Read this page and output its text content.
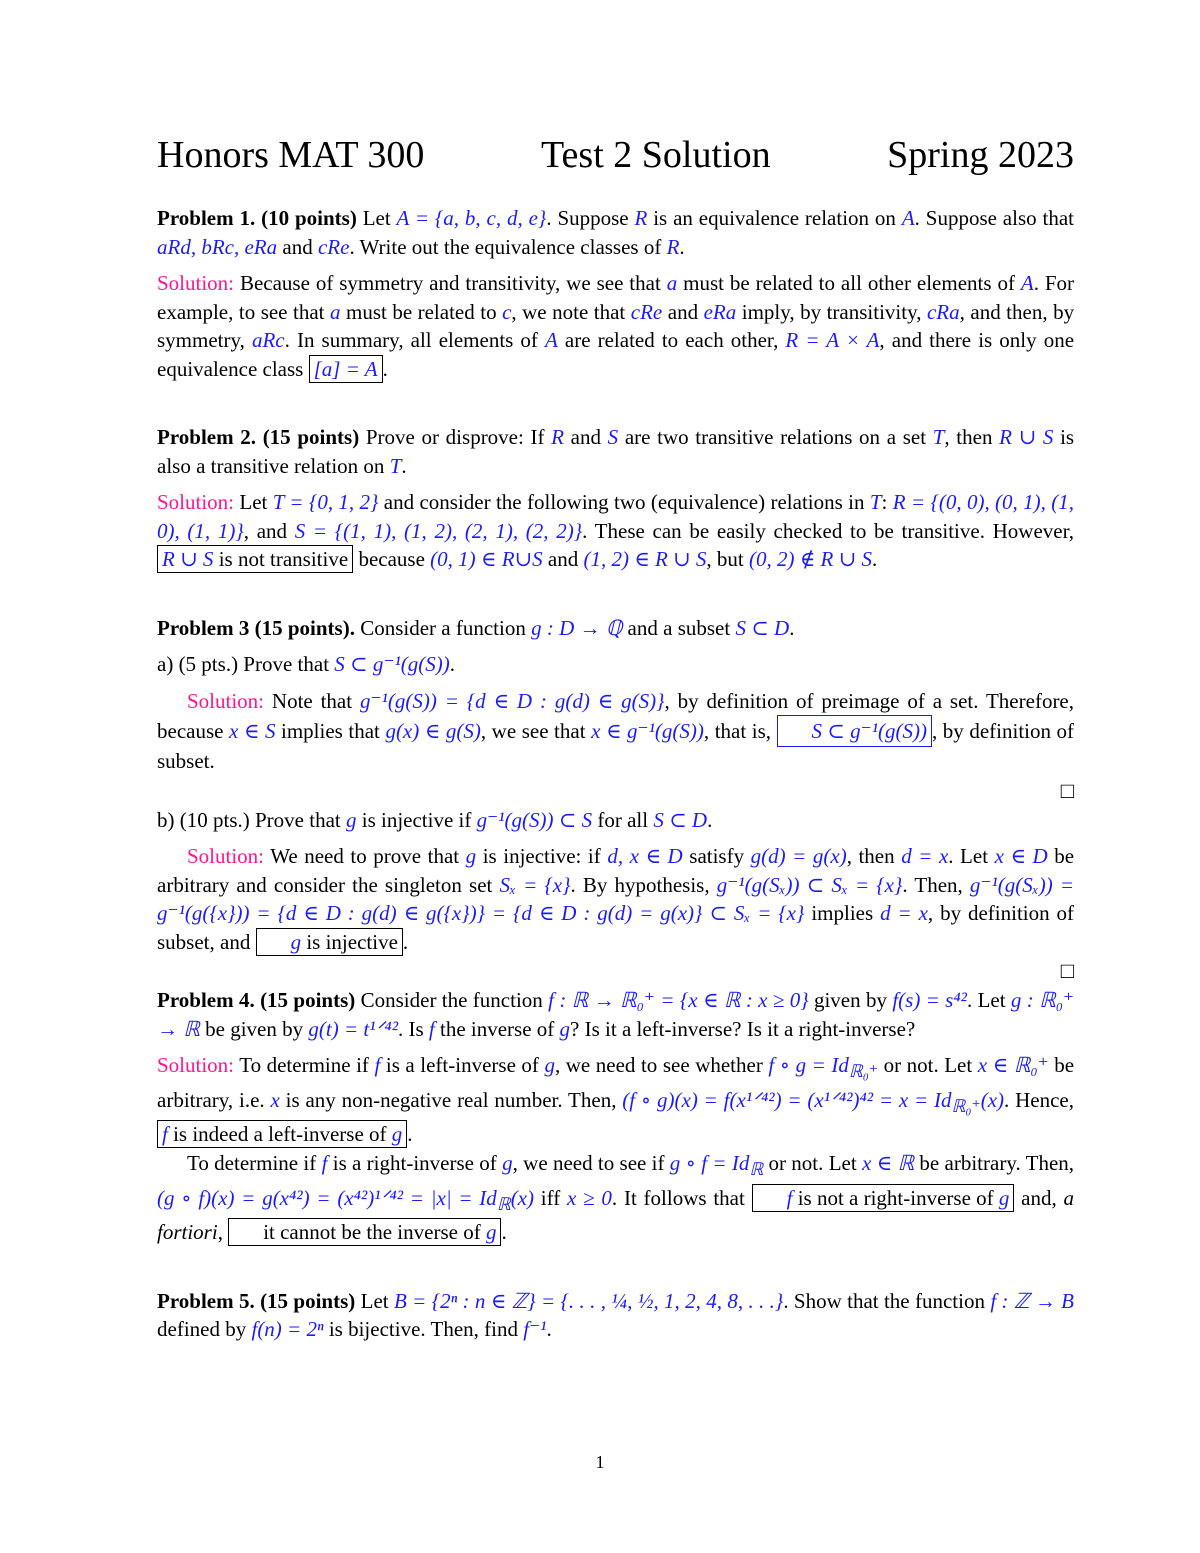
Honors MAT 300	Test 2 Solution	Spring 2023

Problem 1. (10 points) Let A = {a, b, c, d, e}. Suppose R is an equivalence relation on A. Suppose also that aRd, bRc, eRa and cRe. Write out the equivalence classes of R.

Solution: Because of symmetry and transitivity, we see that a must be related to all other elements of A. For example, to see that a must be related to c, we note that cRe and eRa imply, by transitivity, cRa, and then, by symmetry, aRc. In summary, all elements of A are related to each other, R = A × A, and there is only one equivalence class [a] = A .

Problem 2. (15 points) Prove or disprove: If R and S are two transitive relations on a set T, then R ∪ S is also a transitive relation on T.

Solution: Let T = {0, 1, 2} and consider the following two (equivalence) relations in T: R = {(0, 0), (0, 1), (1, 0), (1, 1)}, and S = {(1, 1), (1, 2), (2, 1), (2, 2)}. These can be easily checked to be transitive. However, R ∪ S is not transitive because (0, 1) ∈ R∪S and (1, 2) ∈ R ∪ S, but (0, 2) ∉ R ∪ S.

Problem 3 (15 points). Consider a function g : D → ℚ and a subset S ⊂ D.

a) (5 pts.) Prove that S ⊂ g⁻¹(g(S)).

Solution: Note that g⁻¹(g(S)) = {d ∈ D : g(d) ∈ g(S)}, by definition of preimage of a set. Therefore, because x ∈ S implies that g(x) ∈ g(S), we see that x ∈ g⁻¹(g(S)), that is, S ⊂ g⁻¹(g(S)) , by definition of subset.

□

b) (10 pts.) Prove that g is injective if g⁻¹(g(S)) ⊂ S for all S ⊂ D.

Solution: We need to prove that g is injective: if d, x ∈ D satisfy g(d) = g(x), then d = x. Let x ∈ D be arbitrary and consider the singleton set Sₓ = {x}. By hypothesis, g⁻¹(g(Sₓ)) ⊂ Sₓ = {x}. Then, g⁻¹(g(Sₓ)) = g⁻¹(g({x})) = {d ∈ D : g(d) ∈ g({x})} = {d ∈ D : g(d) = g(x)} ⊂ Sₓ = {x} implies d = x, by definition of subset, and g is injective .

□

Problem 4. (15 points) Consider the function f : ℝ → ℝ₀⁺ = {x ∈ ℝ : x ≥ 0} given by f(s) = s⁴². Let g : ℝ₀⁺ → ℝ be given by g(t) = t¹ᐟ⁴². Is f the inverse of g? Is it a left-inverse? Is it a right-inverse?

Solution: To determine if f is a left-inverse of g, we need to see whether f ∘ $g = Id_{ℝ_0^+}$ or not. Let x ∈ ℝ₀⁺ be arbitrary, i.e. x is any non-negative real number. Then, (f ∘ g)(x) = f(x¹ᐟ⁴²) = (x¹ᐟ⁴²)⁴² = $x = Id_{ℝ_0^+}(x)$. Hence, f is indeed a left-inverse of g .

To determine if f is a right-inverse of g, we need to see if g ∘ $f = Id_ℝ$ or not. Let x ∈ ℝ be arbitrary. Then, (g ∘ f)(x) = g(x⁴²) = (x⁴²)¹ᐟ⁴² = $|x| = Id_ℝ(x)$ iff x ≥ 0. It follows that f is not a right-inverse of g and, a fortiori, it cannot be the inverse of g .

Problem 5. (15 points) Let B = {2ⁿ : n ∈ ℤ} = {. . . , ¼, ½, 1, 2, 4, 8, . . .}. Show that the function f : ℤ → B defined by f(n) = 2ⁿ is bijective. Then, find f⁻¹.

1
